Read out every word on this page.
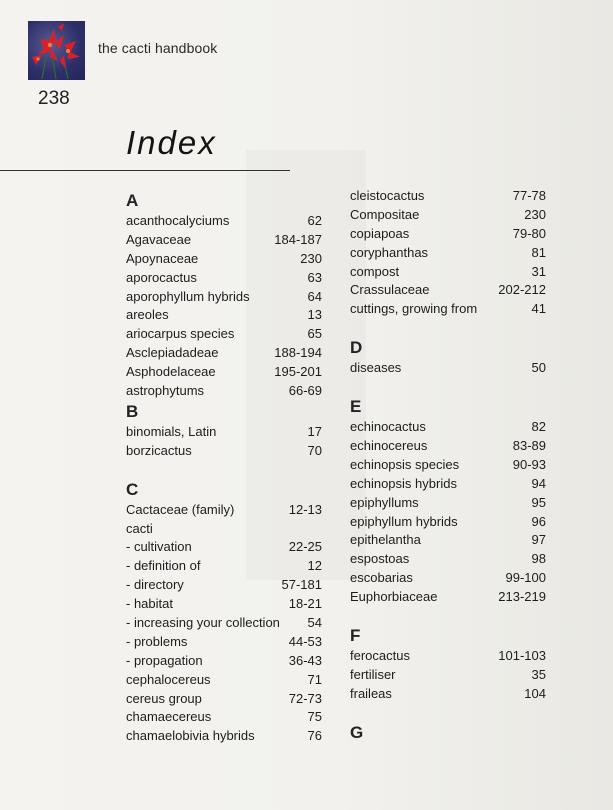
the cacti handbook
238
Index
A
acanthocalyciums	62
Agavaceae	184-187
Apoynaceae	230
aporocactus	63
aporophyllum hybrids	64
areoles	13
ariocarpus species	65
Asclepiadadeae	188-194
Asphodelaceae	195-201
astrophytums	66-69
B
binomials, Latin	17
borzicactus	70
C
Cactaceae (family)	12-13
cacti
- cultivation	22-25
- definition of	12
- directory	57-181
- habitat	18-21
- increasing your collection 54
- problems	44-53
- propagation	36-43
cephalocereus	71
cereus group	72-73
chamaecereus	75
chamaelobivia hybrids	76
cleistocactus	77-78
Compositae	230
copiapoas	79-80
coryphanthas	81
compost	31
Crassulaceae	202-212
cuttings, growing from	41
D
diseases	50
E
echinocactus	82
echinocereus	83-89
echinopsis species	90-93
echinopsis hybrids	94
epiphyllums	95
epiphyllum hybrids	96
epithelantha	97
espostoas	98
escobarias	99-100
Euphorbiaceae	213-219
F
ferocactus	101-103
fertiliser	35
fraileas	104
G
